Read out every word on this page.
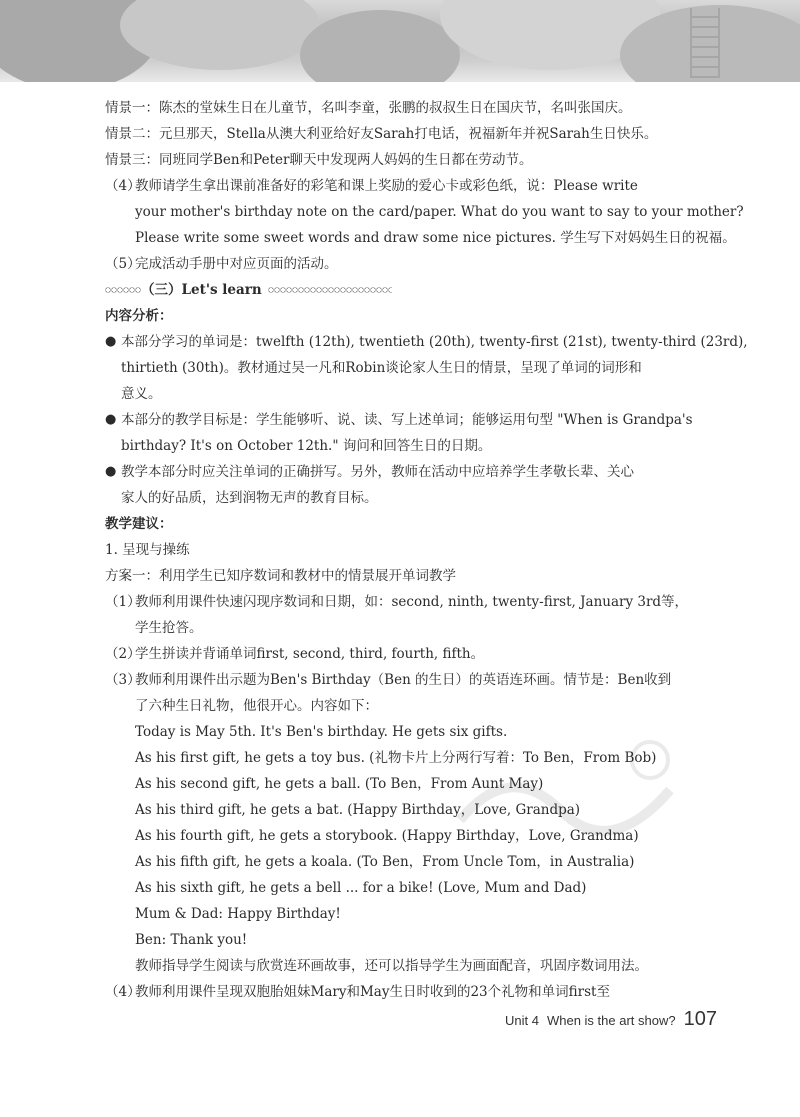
情景一：陈杰的堂妹生日在儿童节，名叫李童，张鹏的叔叔生日在国庆节，名叫张国庆。
情景二：元旦那天，Stella从澳大利亚给好友Sarah打电话，祝福新年并祝Sarah生日快乐。
情景三：同班同学Ben和Peter聊天中发现两人妈妈的生日都在劳动节。
（4）教师请学生拿出课前准备好的彩笔和课上奖励的爱心卡或彩色纸，说：Please write
your mother's birthday note on the card/paper. What do you want to say to your mother?
Please write some sweet words and draw some nice pictures. 学生写下对妈妈生日的祝福。
（5）完成活动手册中对应页面的活动。
（三）Let's learn
内容分析：
● 本部分学习的单词是：twelfth (12th), twentieth (20th), twenty-first (21st), twenty-third (23rd),
thirtieth (30th)。教材通过吴一凡和Robin谈论家人生日的情景，呈现了单词的词形和
意义。
● 本部分的教学目标是：学生能够听、说、读、写上述单词；能够运用句型 "When is Grandpa's
birthday? It's on October 12th." 询问和回答生日的日期。
● 教学本部分时应关注单词的正确拼写。另外，教师在活动中应培养学生孝敬长辈、关心
家人的好品质，达到润物无声的教育目标。
教学建议：
1. 呈现与操练
方案一：利用学生已知序数词和教材中的情景展开单词教学
（1）教师利用课件快速闪现序数词和日期，如：second, ninth, twenty-first, January 3rd等，
学生抢答。
（2）学生拼读并背诵单词first, second, third, fourth, fifth。
（3）教师利用课件出示题为Ben's Birthday（Ben 的生日）的英语连环画。情节是：Ben收到
了六种生日礼物，他很开心。内容如下：
Today is May 5th. It's Ben's birthday. He gets six gifts.
As his first gift, he gets a toy bus. (礼物卡片上分两行写着：To Ben，From Bob)
As his second gift, he gets a ball. (To Ben，From Aunt May)
As his third gift, he gets a bat. (Happy Birthday，Love, Grandpa)
As his fourth gift, he gets a storybook. (Happy Birthday，Love, Grandma)
As his fifth gift, he gets a koala. (To Ben，From Uncle Tom，in Australia)
As his sixth gift, he gets a bell ... for a bike! (Love, Mum and Dad)
Mum & Dad: Happy Birthday!
Ben: Thank you!
教师指导学生阅读与欣赏连环画故事，还可以指导学生为画面配音，巩固序数词用法。
（4）教师利用课件呈现双胞胎姐妹Mary和May生日时收到的23个礼物和单词first至
Unit 4 When is the art show? 107
